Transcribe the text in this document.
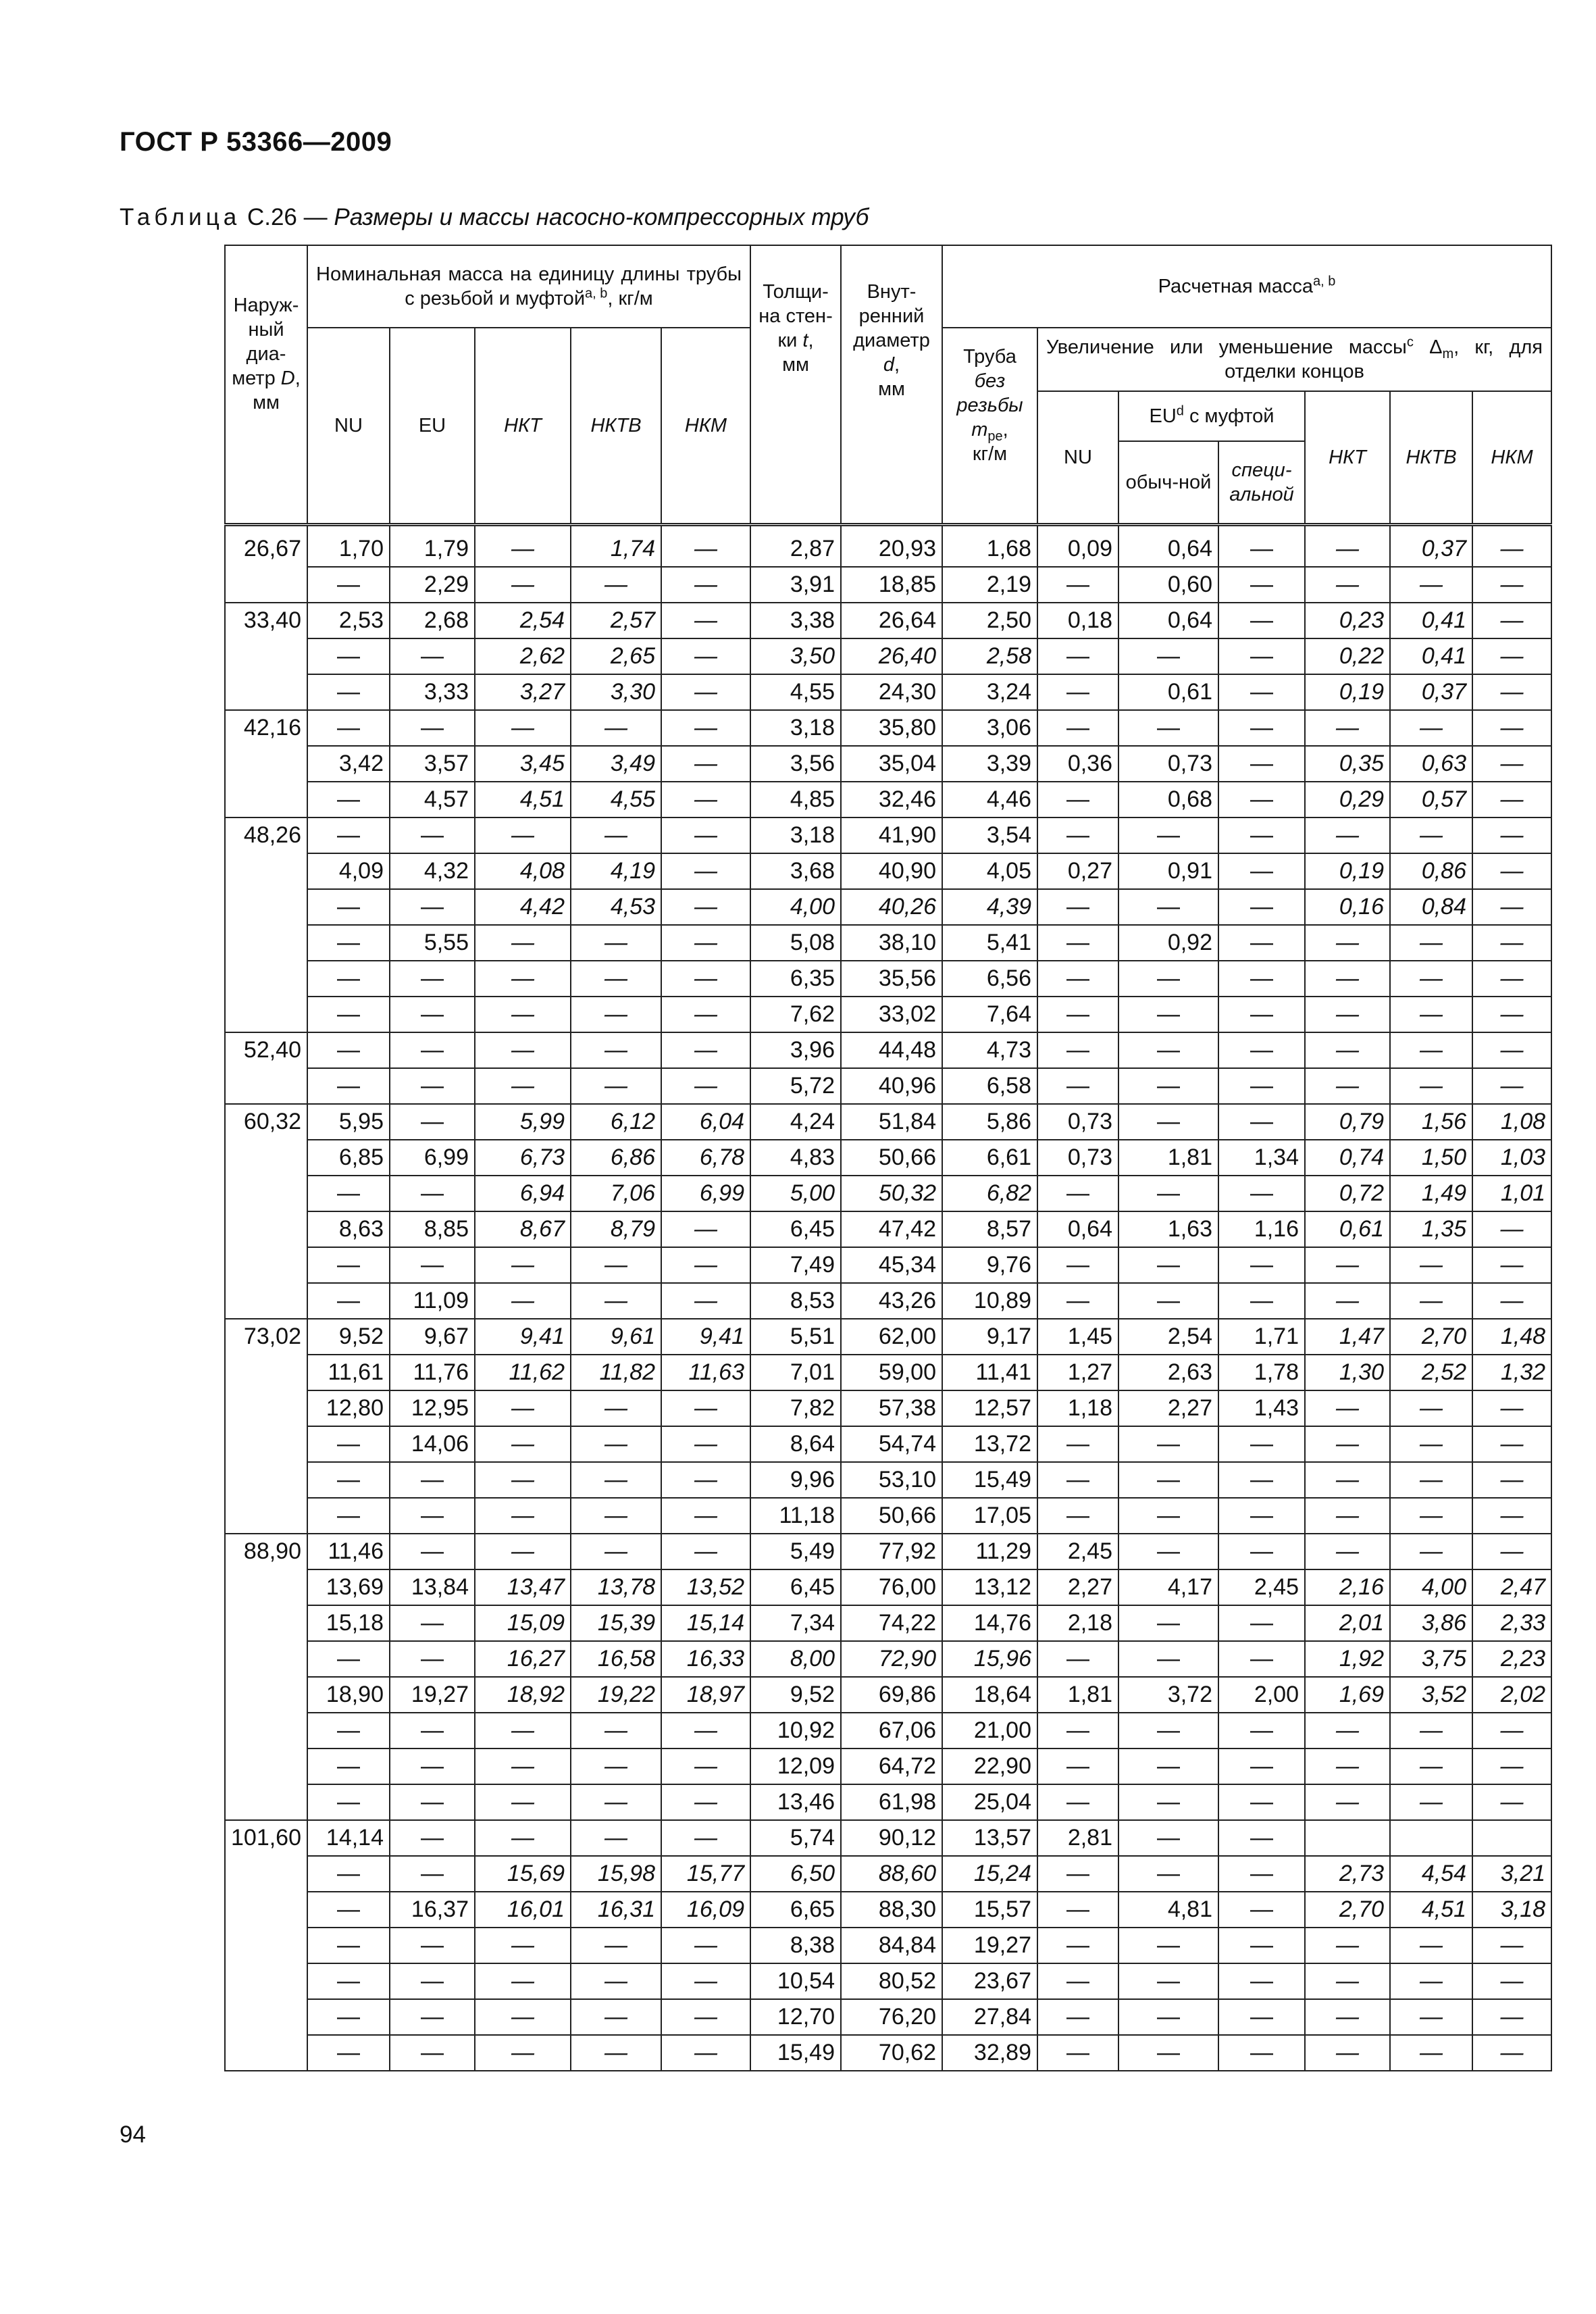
ГОСТ Р 53366—2009
Таблица C.26 — Размеры и массы насосно-компрессорных труб
Наруж-ный диа-метр D,
мм	Номинальная масса на единицу длины трубы с резьбой и муфтой$^{a, b}$, кг/м					Толщи-на стен-ки t,
мм	Внут-ренний диаметр d,
мм	Расчетная масса$^{a, b}$
	NU	EU	НКТ	НКТВ	НКМ			Труба
без резьбы
$m_{pe}$,
кг/м	Увеличение или уменьшение массы$^c$ $\Delta_m$, кг, для отделки концов					
									NU	$EU^d$ с муфтой		НКТ	НКТВ	НКМ
										обыч-ной	специ-альной			
26,67	1,70	1,79	—	1,74	—	2,87	20,93	1,68	0,09	0,64	—	—	0,37	—
	—	2,29	—	—	—	3,91	18,85	2,19	—	0,60	—	—	—	—
33,40	2,53	2,68	2,54	2,57	—	3,38	26,64	2,50	0,18	0,64	—	0,23	0,41	—
	—	—	2,62	2,65	—	3,50	26,40	2,58	—	—	—	0,22	0,41	—
	—	3,33	3,27	3,30	—	4,55	24,30	3,24	—	0,61	—	0,19	0,37	—
42,16	—	—	—	—	—	3,18	35,80	3,06	—	—	—	—	—	—
	3,42	3,57	3,45	3,49	—	3,56	35,04	3,39	0,36	0,73	—	0,35	0,63	—
	—	4,57	4,51	4,55	—	4,85	32,46	4,46	—	0,68	—	0,29	0,57	—
48,26	—	—	—	—	—	3,18	41,90	3,54	—	—	—	—	—	—
	4,09	4,32	4,08	4,19	—	3,68	40,90	4,05	0,27	0,91	—	0,19	0,86	—
	—	—	4,42	4,53	—	4,00	40,26	4,39	—	—	—	0,16	0,84	—
	—	5,55	—	—	—	5,08	38,10	5,41	—	0,92	—	—	—	—
	—	—	—	—	—	6,35	35,56	6,56	—	—	—	—	—	—
	—	—	—	—	—	7,62	33,02	7,64	—	—	—	—	—	—
52,40	—	—	—	—	—	3,96	44,48	4,73	—	—	—	—	—	—
	—	—	—	—	—	5,72	40,96	6,58	—	—	—	—	—	—
60,32	5,95	—	5,99	6,12	6,04	4,24	51,84	5,86	0,73	—	—	0,79	1,56	1,08
	6,85	6,99	6,73	6,86	6,78	4,83	50,66	6,61	0,73	1,81	1,34	0,74	1,50	1,03
	—	—	6,94	7,06	6,99	5,00	50,32	6,82	—	—	—	0,72	1,49	1,01
	8,63	8,85	8,67	8,79	—	6,45	47,42	8,57	0,64	1,63	1,16	0,61	1,35	—
	—	—	—	—	—	7,49	45,34	9,76	—	—	—	—	—	—
	—	11,09	—	—	—	8,53	43,26	10,89	—	—	—	—	—	—
73,02	9,52	9,67	9,41	9,61	9,41	5,51	62,00	9,17	1,45	2,54	1,71	1,47	2,70	1,48
	11,61	11,76	11,62	11,82	11,63	7,01	59,00	11,41	1,27	2,63	1,78	1,30	2,52	1,32
	12,80	12,95	—	—	—	7,82	57,38	12,57	1,18	2,27	1,43	—	—	—
	—	14,06	—	—	—	8,64	54,74	13,72	—	—	—	—	—	—
	—	—	—	—	—	9,96	53,10	15,49	—	—	—	—	—	—
	—	—	—	—	—	11,18	50,66	17,05	—	—	—	—	—	—
88,90	11,46	—	—	—	—	5,49	77,92	11,29	2,45	—	—	—	—	—
	13,69	13,84	13,47	13,78	13,52	6,45	76,00	13,12	2,27	4,17	2,45	2,16	4,00	2,47
	15,18	—	15,09	15,39	15,14	7,34	74,22	14,76	2,18	—	—	2,01	3,86	2,33
	—	—	16,27	16,58	16,33	8,00	72,90	15,96	—	—	—	1,92	3,75	2,23
	18,90	19,27	18,92	19,22	18,97	9,52	69,86	18,64	1,81	3,72	2,00	1,69	3,52	2,02
	—	—	—	—	—	10,92	67,06	21,00	—	—	—	—	—	—
	—	—	—	—	—	12,09	64,72	22,90	—	—	—	—	—	—
	—	—	—	—	—	13,46	61,98	25,04	—	—	—	—	—	—
101,60	14,14	—	—	—	—	5,74	90,12	13,57	2,81	—	—			
	—	—	15,69	15,98	15,77	6,50	88,60	15,24	—	—	—	2,73	4,54	3,21
	—	16,37	16,01	16,31	16,09	6,65	88,30	15,57	—	4,81	—	2,70	4,51	3,18
	—	—	—	—	—	8,38	84,84	19,27	—	—	—	—	—	—
	—	—	—	—	—	10,54	80,52	23,67	—	—	—	—	—	—
	—	—	—	—	—	12,70	76,20	27,84	—	—	—	—	—	—
	—	—	—	—	—	15,49	70,62	32,89	—	—	—	—	—	—
94
